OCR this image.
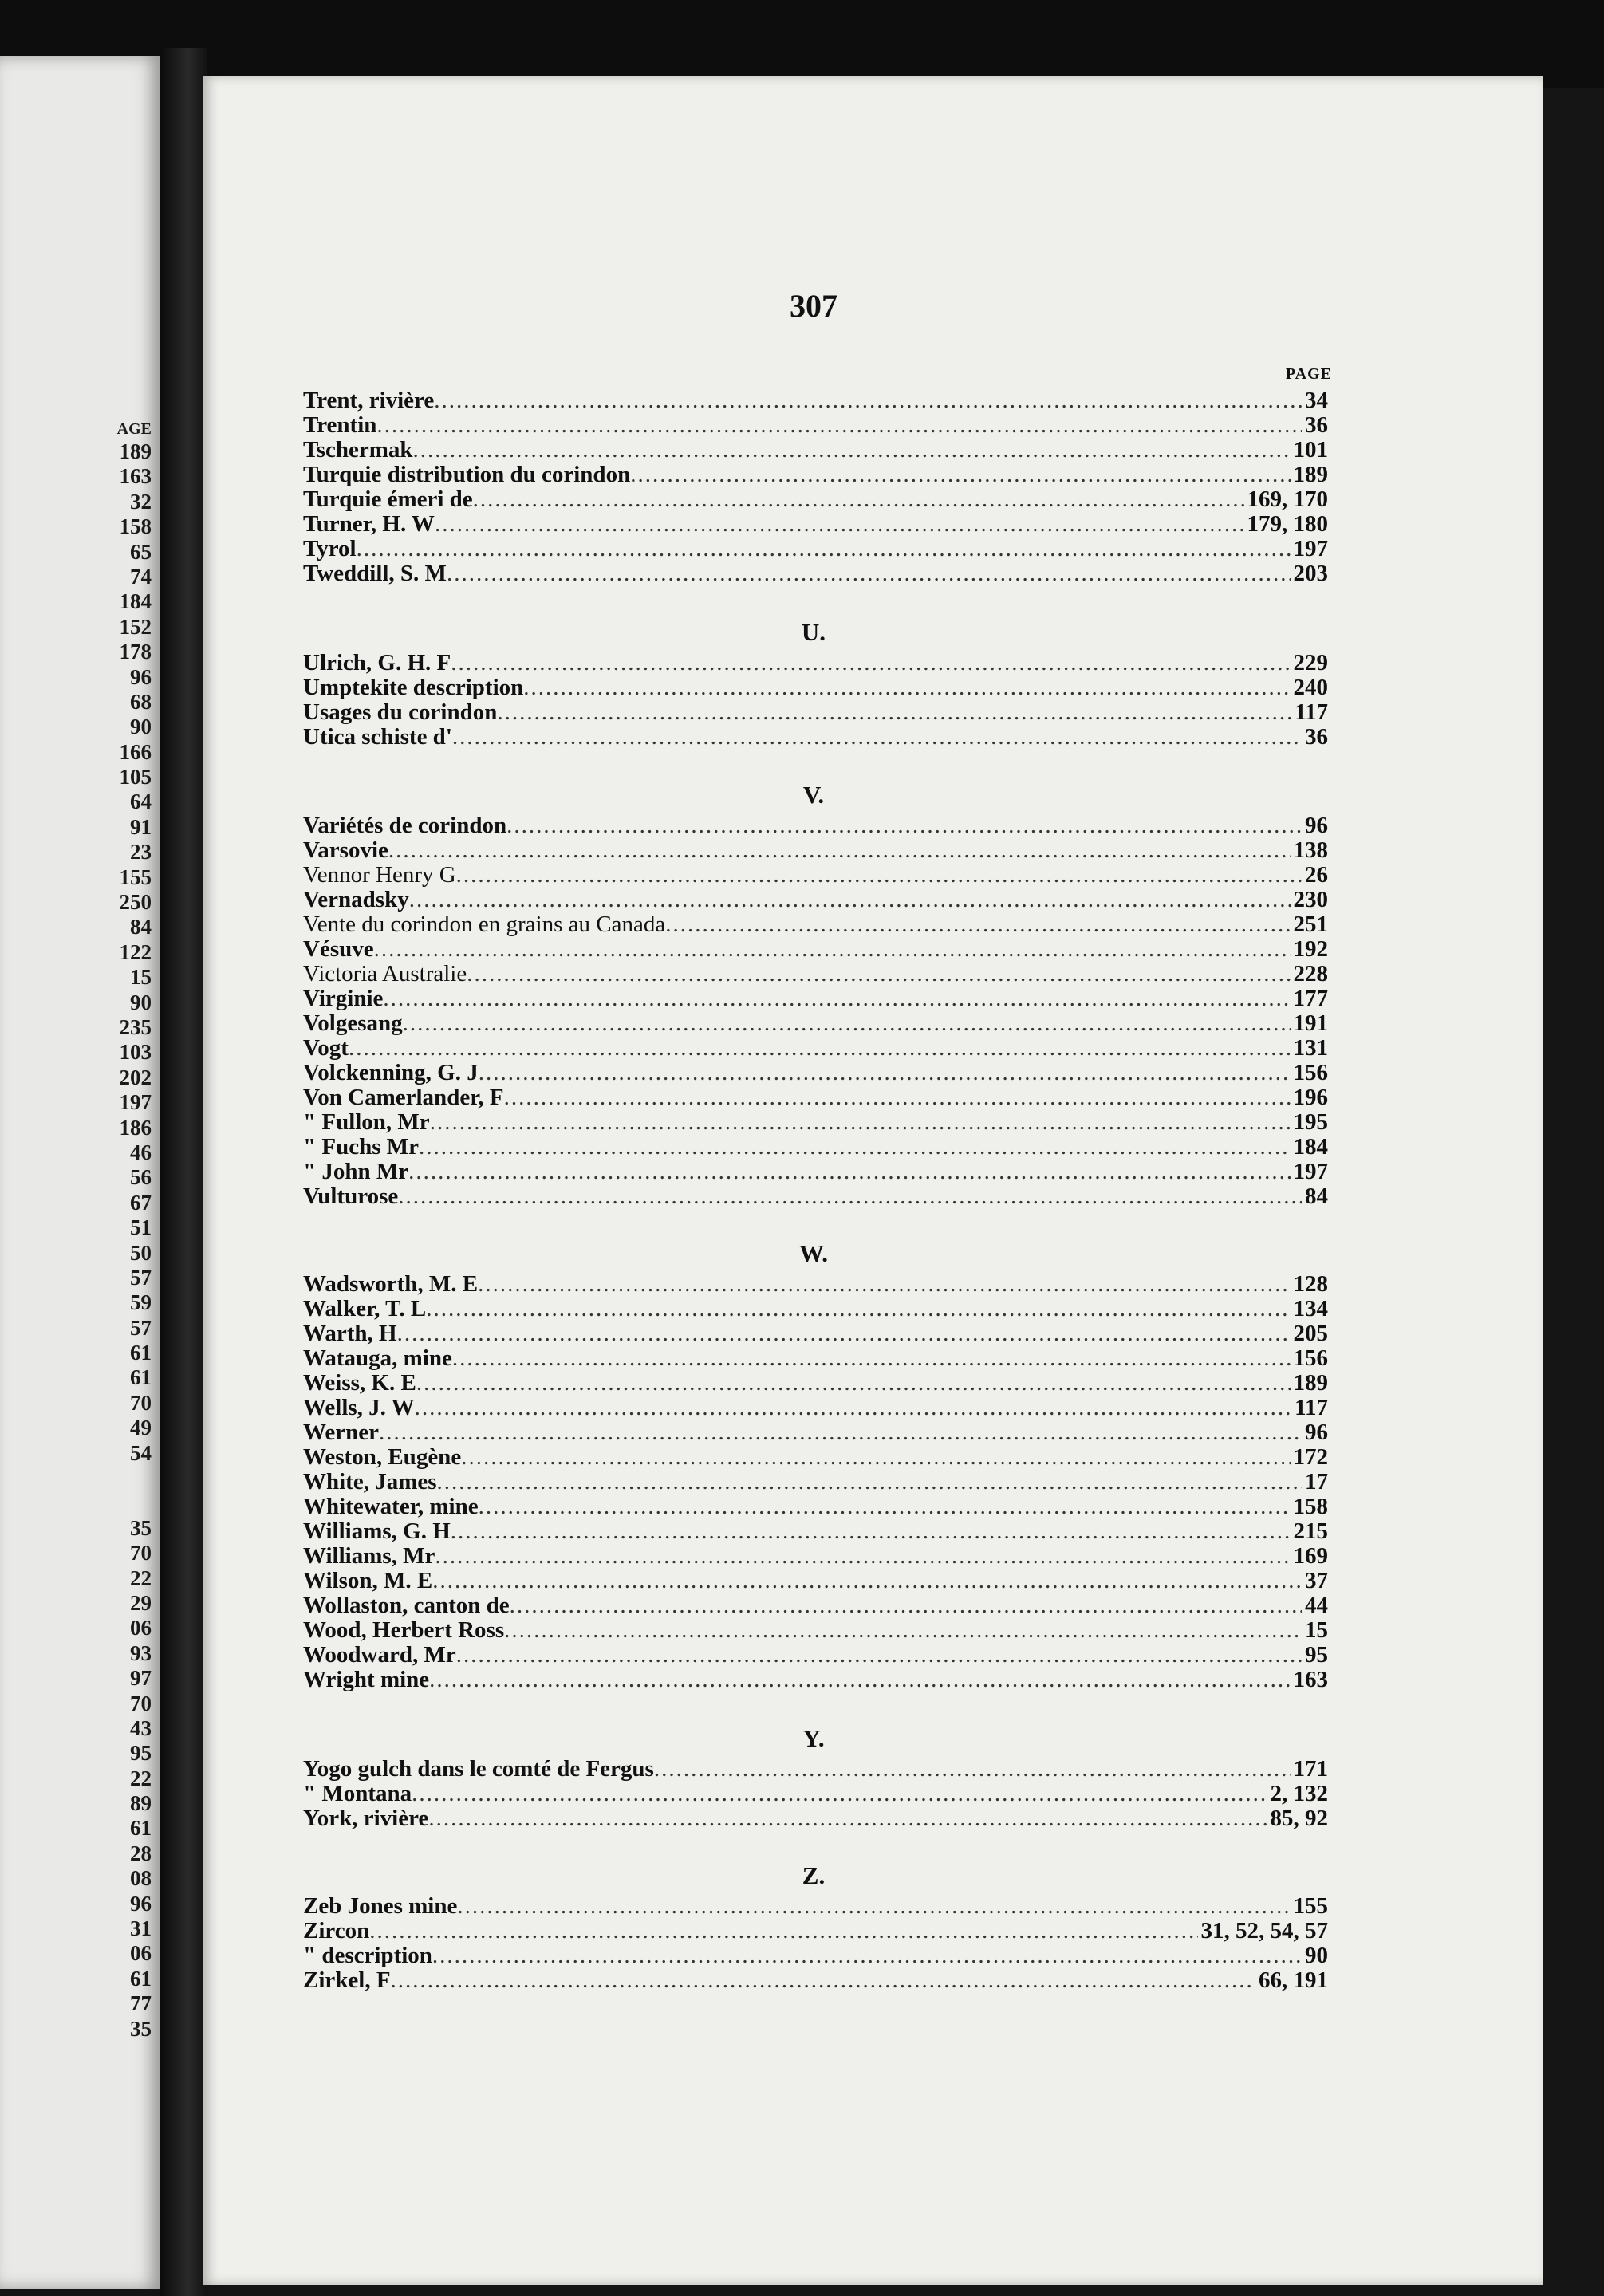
AGE
189
163
32
158
65
74
184
152
178
96
68
90
166
105
64
91
23
155
250
84
122
15
90
235
103
202
197
186
46
56
67
51
50
57
59
57
61
61
70
49
54
35
70
22
29
06
93
97
70
43
95
22
89
61
28
08
96
31
06
61
77
35
307
PAGE
Trent, rivière .....	34
Trentin .....	36
Tschermak .....	101
Turquie distribution du corindon .....	189
Turquie émeri de .....	169, 170
Turner, H. W .....	179, 180
Tyrol .....	197
Tweddill, S. M .....	203
U.
Ulrich, G. H. F .....	229
Umptekite description .....	240
Usages du corindon .....	117
Utica schiste d' .....	36
V.
Variétés de corindon .....	96
Varsovie .....	138
Vennor Henry G .....	26
Vernadsky .....	230
Vente du corindon en grains au Canada .....	251
Vésuve .....	192
Victoria Australie .....	228
Virginie .....	177
Volgesang .....	191
Vogt .....	131
Volckenning, G. J .....	156
Von Camerlander, F .....	196
" Fullon, Mr .....	195
" Fuchs Mr .....	184
" John Mr .....	197
Vulturose .....	84
W.
Wadsworth, M. E .....	128
Walker, T. L .....	134
Warth, H .....	205
Watauga, mine .....	156
Weiss, K. E .....	189
Wells, J. W .....	117
Werner .....	96
Weston, Eugène .....	172
White, James .....	17
Whitewater, mine .....	158
Williams, G. H .....	215
Williams, Mr .....	169
Wilson, M. E .....	37
Wollaston, canton de .....	44
Wood, Herbert Ross .....	15
Woodward, Mr .....	95
Wright mine .....	163
Y.
Yogo gulch dans le comté de Fergus .....	171
" Montana .....	2, 132
York, rivière .....	85, 92
Z.
Zeb Jones mine .....	155
Zircon .....	31, 52, 54, 57
" description .....	90
Zirkel, F .....	66, 191
